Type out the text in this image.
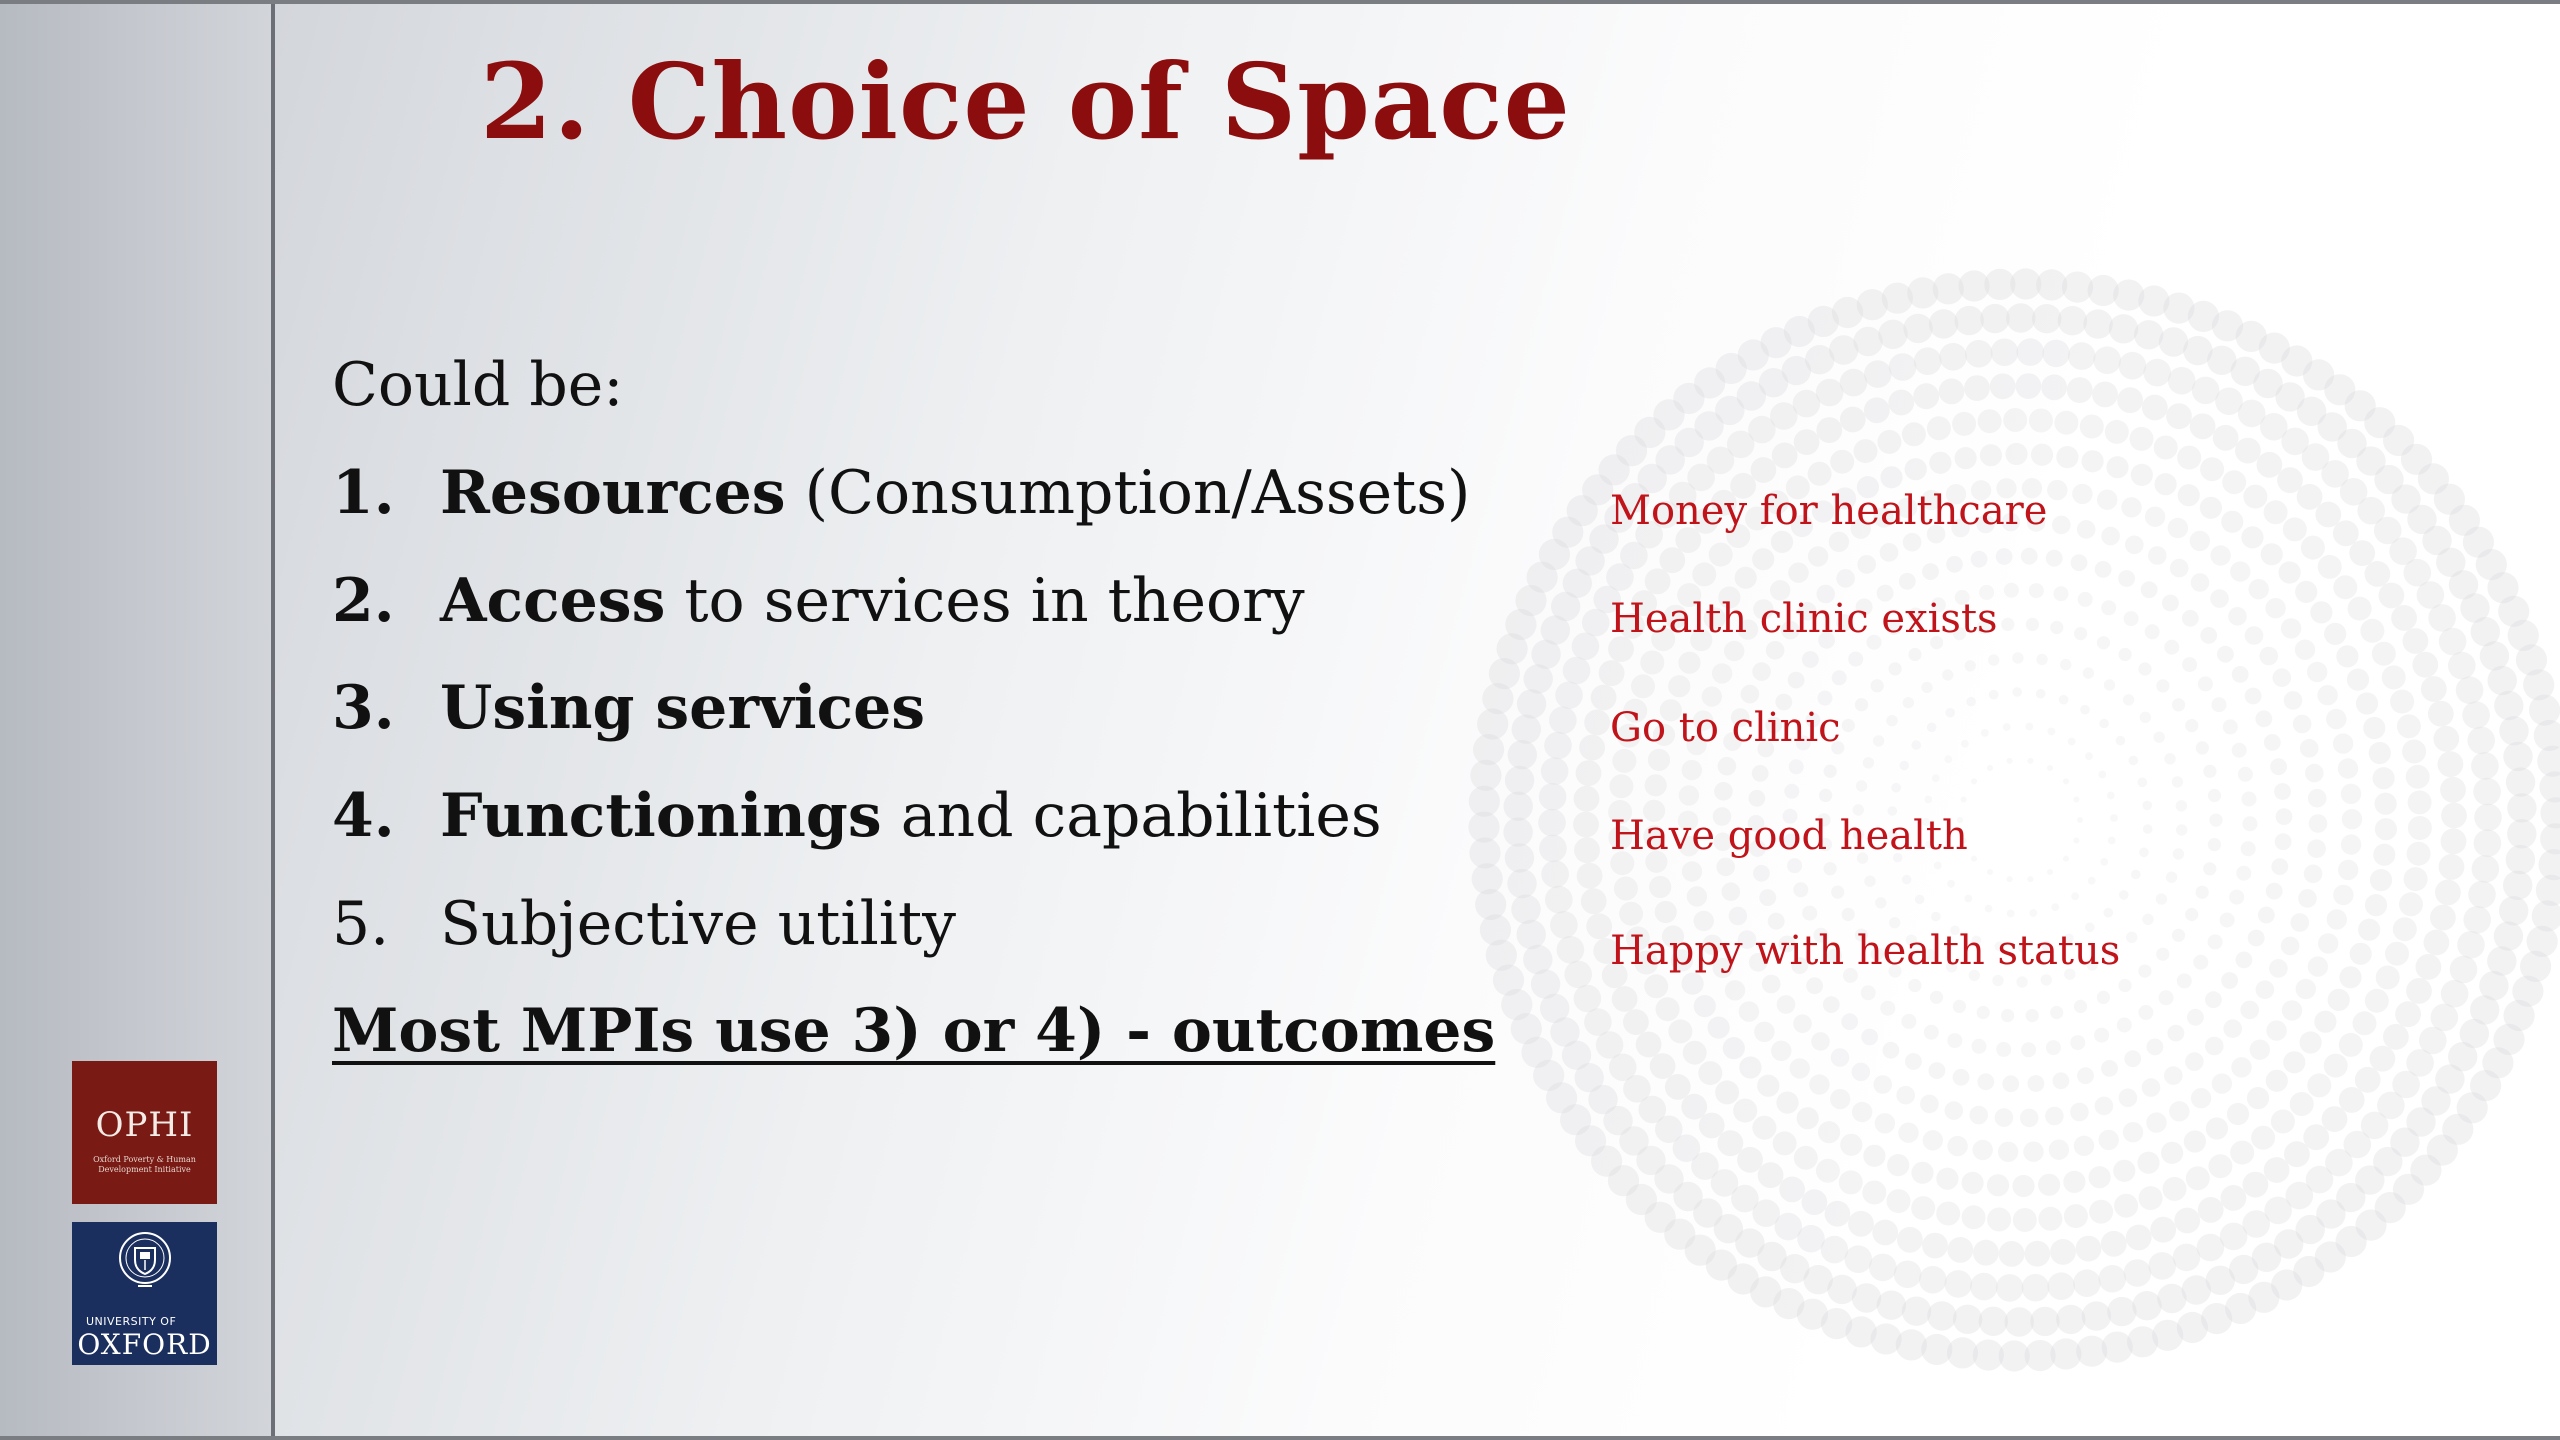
2. Choice of Space
Could be:
1. Resources (Consumption/Assets)
2. Access to services in theory
3. Using services
4. Functionings and capabilities
5. Subjective utility
Most MPIs use 3) or 4) - outcomes
Money for healthcare
Health clinic exists
Go to clinic
Have good health
Happy with health status
OPHI
Oxford Poverty & Human Development Initiative
UNIVERSITY OF
OXFORD
